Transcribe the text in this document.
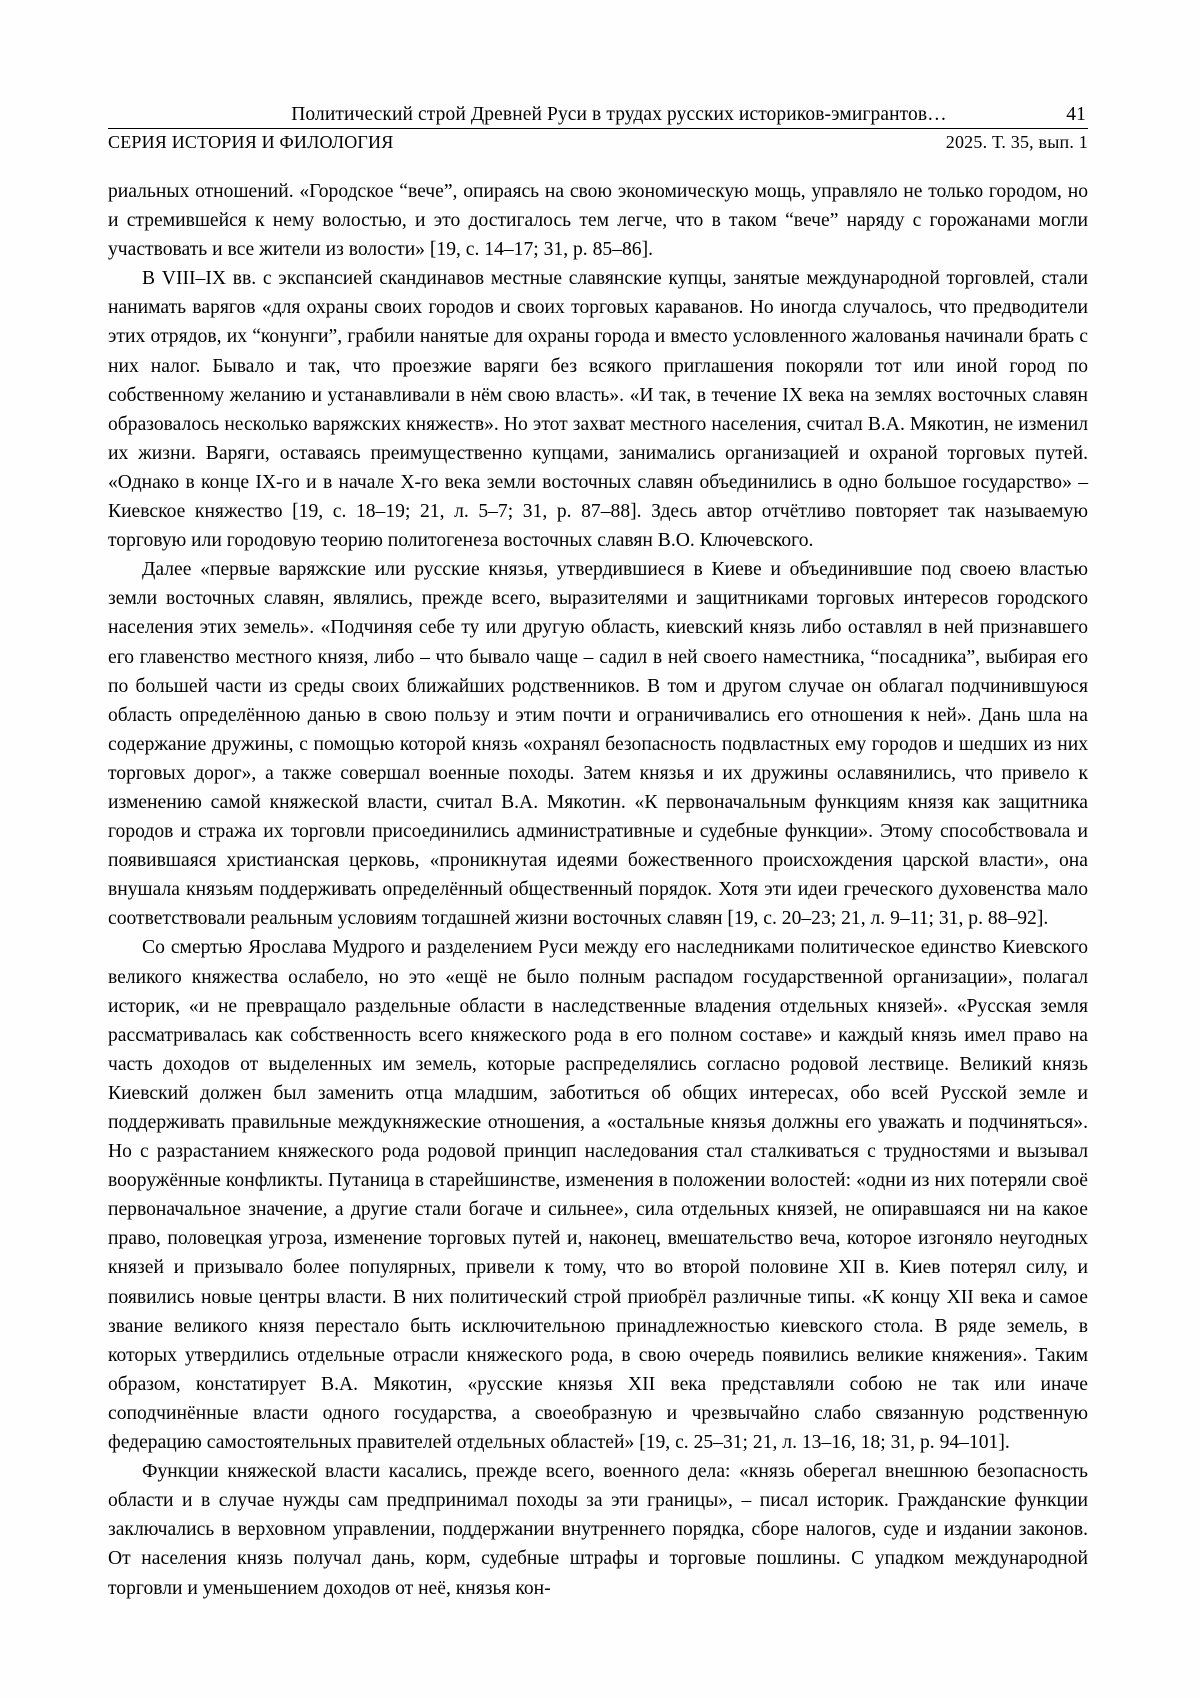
Политический строй Древней Руси в трудах русских историков-эмигрантов…	41
СЕРИЯ ИСТОРИЯ И ФИЛОЛОГИЯ	2025. Т. 35, вып. 1

риальных отношений. «Городское “вече”, опираясь на свою экономическую мощь, управляло не только городом, но и стремившейся к нему волостью, и это достигалось тем легче, что в таком “вече” наряду с горожанами могли участвовать и все жители из волости» [19, с. 14–17; 31, р. 85–86].

В VIII–IX вв. с экспансией скандинавов местные славянские купцы, занятые международной торговлей, стали нанимать варягов «для охраны своих городов и своих торговых караванов. Но иногда случалось, что предводители этих отрядов, их “конунги”, грабили нанятые для охраны города и вместо условленного жалованья начинали брать с них налог. Бывало и так, что проезжие варяги без всякого приглашения покоряли тот или иной город по собственному желанию и устанавливали в нём свою власть». «И так, в течение IX века на землях восточных славян образовалось несколько варяжских княжеств». Но этот захват местного населения, считал В.А. Мякотин, не изменил их жизни. Варяги, оставаясь преимущественно купцами, занимались организацией и охраной торговых путей. «Однако в конце IX-го и в начале X-го века земли восточных славян объединились в одно большое государство» – Киевское княжество [19, с. 18–19; 21, л. 5–7; 31, р. 87–88]. Здесь автор отчётливо повторяет так называемую торговую или городовую теорию политогенеза восточных славян В.О. Ключевского.

Далее «первые варяжские или русские князья, утвердившиеся в Киеве и объединившие под своею властью земли восточных славян, являлись, прежде всего, выразителями и защитниками торговых интересов городского населения этих земель». «Подчиняя себе ту или другую область, киевский князь либо оставлял в ней признавшего его главенство местного князя, либо – что бывало чаще – садил в ней своего наместника, “посадника”, выбирая его по большей части из среды своих ближайших родственников. В том и другом случае он облагал подчинившуюся область определённою данью в свою пользу и этим почти и ограничивались его отношения к ней». Дань шла на содержание дружины, с помощью которой князь «охранял безопасность подвластных ему городов и шедших из них торговых дорог», а также совершал военные походы. Затем князья и их дружины ославянились, что привело к изменению самой княжеской власти, считал В.А. Мякотин. «К первоначальным функциям князя как защитника городов и стража их торговли присоединились административные и судебные функции». Этому способствовала и появившаяся христианская церковь, «проникнутая идеями божественного происхождения царской власти», она внушала князьям поддерживать определённый общественный порядок. Хотя эти идеи греческого духовенства мало соответствовали реальным условиям тогдашней жизни восточных славян [19, с. 20–23; 21, л. 9–11; 31, р. 88–92].

Со смертью Ярослава Мудрого и разделением Руси между его наследниками политическое единство Киевского великого княжества ослабело, но это «ещё не было полным распадом государственной организации», полагал историк, «и не превращало раздельные области в наследственные владения отдельных князей». «Русская земля рассматривалась как собственность всего княжеского рода в его полном составе» и каждый князь имел право на часть доходов от выделенных им земель, которые распределялись согласно родовой лествице. Великий князь Киевский должен был заменить отца младшим, заботиться об общих интересах, обо всей Русской земле и поддерживать правильные междукняжеские отношения, а «остальные князья должны его уважать и подчиняться». Но с разрастанием княжеского рода родовой принцип наследования стал сталкиваться с трудностями и вызывал вооружённые конфликты. Путаница в старейшинстве, изменения в положении волостей: «одни из них потеряли своё первоначальное значение, а другие стали богаче и сильнее», сила отдельных князей, не опиравшаяся ни на какое право, половецкая угроза, изменение торговых путей и, наконец, вмешательство веча, которое изгоняло неугодных князей и призывало более популярных, привели к тому, что во второй половине XII в. Киев потерял силу, и появились новые центры власти. В них политический строй приобрёл различные типы. «К концу XII века и самое звание великого князя перестало быть исключительною принадлежностью киевского стола. В ряде земель, в которых утвердились отдельные отрасли княжеского рода, в свою очередь появились великие княжения». Таким образом, констатирует В.А. Мякотин, «русские князья XII века представляли собою не так или иначе соподчинённые власти одного государства, а своеобразную и чрезвычайно слабо связанную родственную федерацию самостоятельных правителей отдельных областей» [19, с. 25–31; 21, л. 13–16, 18; 31, р. 94–101].

Функции княжеской власти касались, прежде всего, военного дела: «князь оберегал внешнюю безопасность области и в случае нужды сам предпринимал походы за эти границы», – писал историк. Гражданские функции заключались в верховном управлении, поддержании внутреннего порядка, сборе налогов, суде и издании законов. От населения князь получал дань, корм, судебные штрафы и торговые пошлины. С упадком международной торговли и уменьшением доходов от неё, князья кон-
